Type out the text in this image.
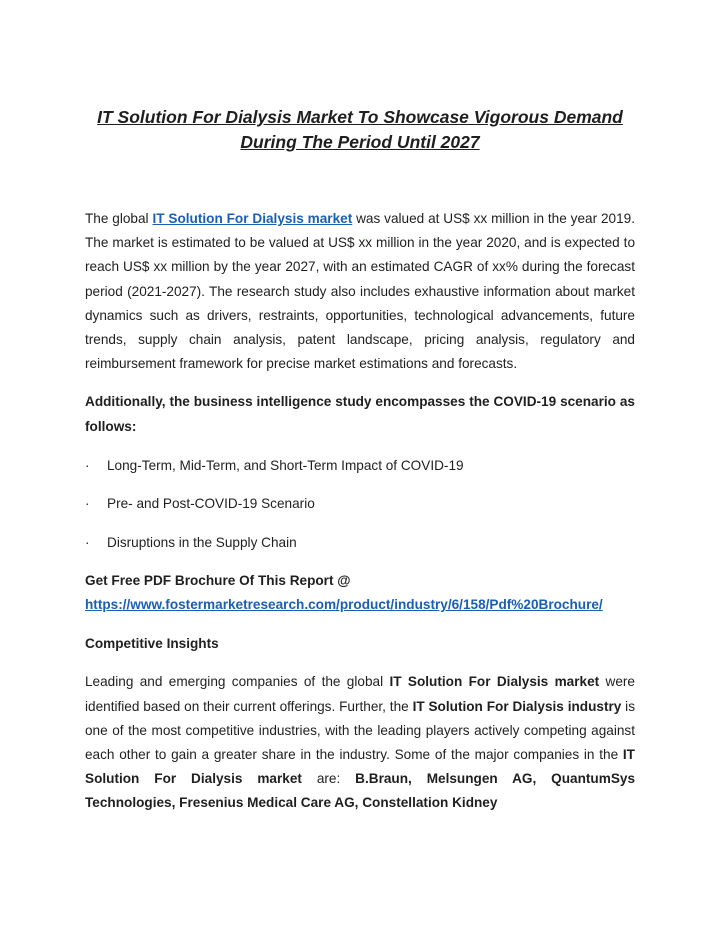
IT Solution For Dialysis Market To Showcase Vigorous Demand
During The Period Until 2027

The global IT Solution For Dialysis market was valued at US$ xx million in the year 2019. The market is estimated to be valued at US$ xx million in the year 2020, and is expected to reach US$ xx million by the year 2027, with an estimated CAGR of xx% during the forecast period (2021-2027). The research study also includes exhaustive information about market dynamics such as drivers, restraints, opportunities, technological advancements, future trends, supply chain analysis, patent landscape, pricing analysis, regulatory and reimbursement framework for precise market estimations and forecasts.

Additionally, the business intelligence study encompasses the COVID-19 scenario as follows:

·	Long-Term, Mid-Term, and Short-Term Impact of COVID-19
·	Pre- and Post-COVID-19 Scenario
·	Disruptions in the Supply Chain
Get Free PDF Brochure Of This Report @
https://www.fostermarketresearch.com/product/industry/6/158/Pdf%20Brochure/
Competitive Insights

Leading and emerging companies of the global IT Solution For Dialysis market were identified based on their current offerings. Further, the IT Solution For Dialysis industry is one of the most competitive industries, with the leading players actively competing against each other to gain a greater share in the industry. Some of the major companies in the IT Solution For Dialysis market are: B.Braun, Melsungen AG, QuantumSys Technologies, Fresenius Medical Care AG, Constellation Kidney
